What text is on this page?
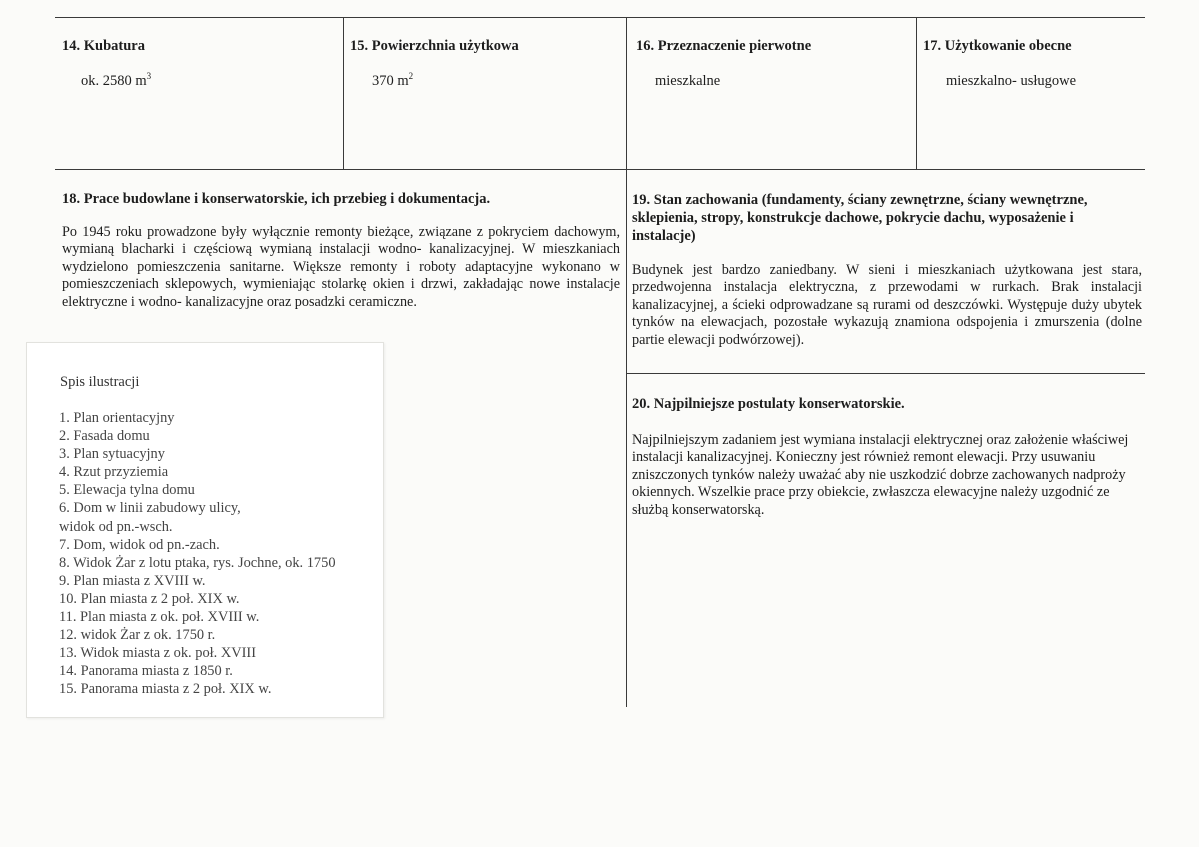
14. Kubatura

ok. 2580 $m^3$

15. Powierzchnia użytkowa

370 $m^2$

16. Przeznaczenie pierwotne

mieszkalne

17. Użytkowanie obecne

mieszkalno- usługowe

18. Prace budowlane i konserwatorskie, ich przebieg i dokumentacja.

Po 1945 roku prowadzone były wyłącznie remonty bieżące, związane z pokryciem dachowym, wymianą blacharki i częściową wymianą instalacji wodno- kanalizacyjnej. W mieszkaniach wydzielono pomieszczenia sanitarne. Większe remonty i roboty adaptacyjne wykonano w pomieszczeniach sklepowych, wymieniając stolarkę okien i drzwi, zakładając nowe instalacje elektryczne i wodno- kanalizacyjne oraz posadzki ceramiczne.

Spis ilustracji

1. Plan orientacyjny
2. Fasada domu
3. Plan sytuacyjny
4. Rzut przyziemia
5. Elewacja tylna domu
6. Dom w linii zabudowy ulicy,
widok od pn.-wsch.
7. Dom, widok od pn.-zach.
8. Widok Żar z lotu ptaka, rys. Jochne, ok. 1750
9. Plan miasta z XVIII w.
10. Plan miasta z 2 poł. XIX w.
11. Plan miasta z ok. poł. XVIII w.
12. widok Żar z ok. 1750 r.
13. Widok miasta z ok. poł. XVIII
14. Panorama miasta z 1850 r.
15. Panorama miasta z 2 poł. XIX w.

19. Stan zachowania (fundamenty, ściany zewnętrzne, ściany wewnętrzne, sklepienia, stropy, konstrukcje dachowe, pokrycie dachu, wyposażenie i instalacje)

Budynek jest bardzo zaniedbany. W sieni i mieszkaniach użytkowana jest stara, przedwojenna instalacja elektryczna, z przewodami w rurkach. Brak instalacji kanalizacyjnej, a ścieki odprowadzane są rurami od deszczówki. Występuje duży ubytek tynków na elewacjach, pozostałe wykazują znamiona odspojenia i zmurszenia (dolne partie elewacji podwórzowej).

20. Najpilniejsze postulaty konserwatorskie.

Najpilniejszym zadaniem jest wymiana instalacji elektrycznej oraz założenie właściwej instalacji kanalizacyjnej. Konieczny jest również remont elewacji. Przy usuwaniu zniszczonych tynków należy uważać aby nie uszkodzić dobrze zachowanych nadproży okiennych. Wszelkie prace przy obiekcie, zwłaszcza elewacyjne należy uzgodnić ze służbą konserwatorską.
